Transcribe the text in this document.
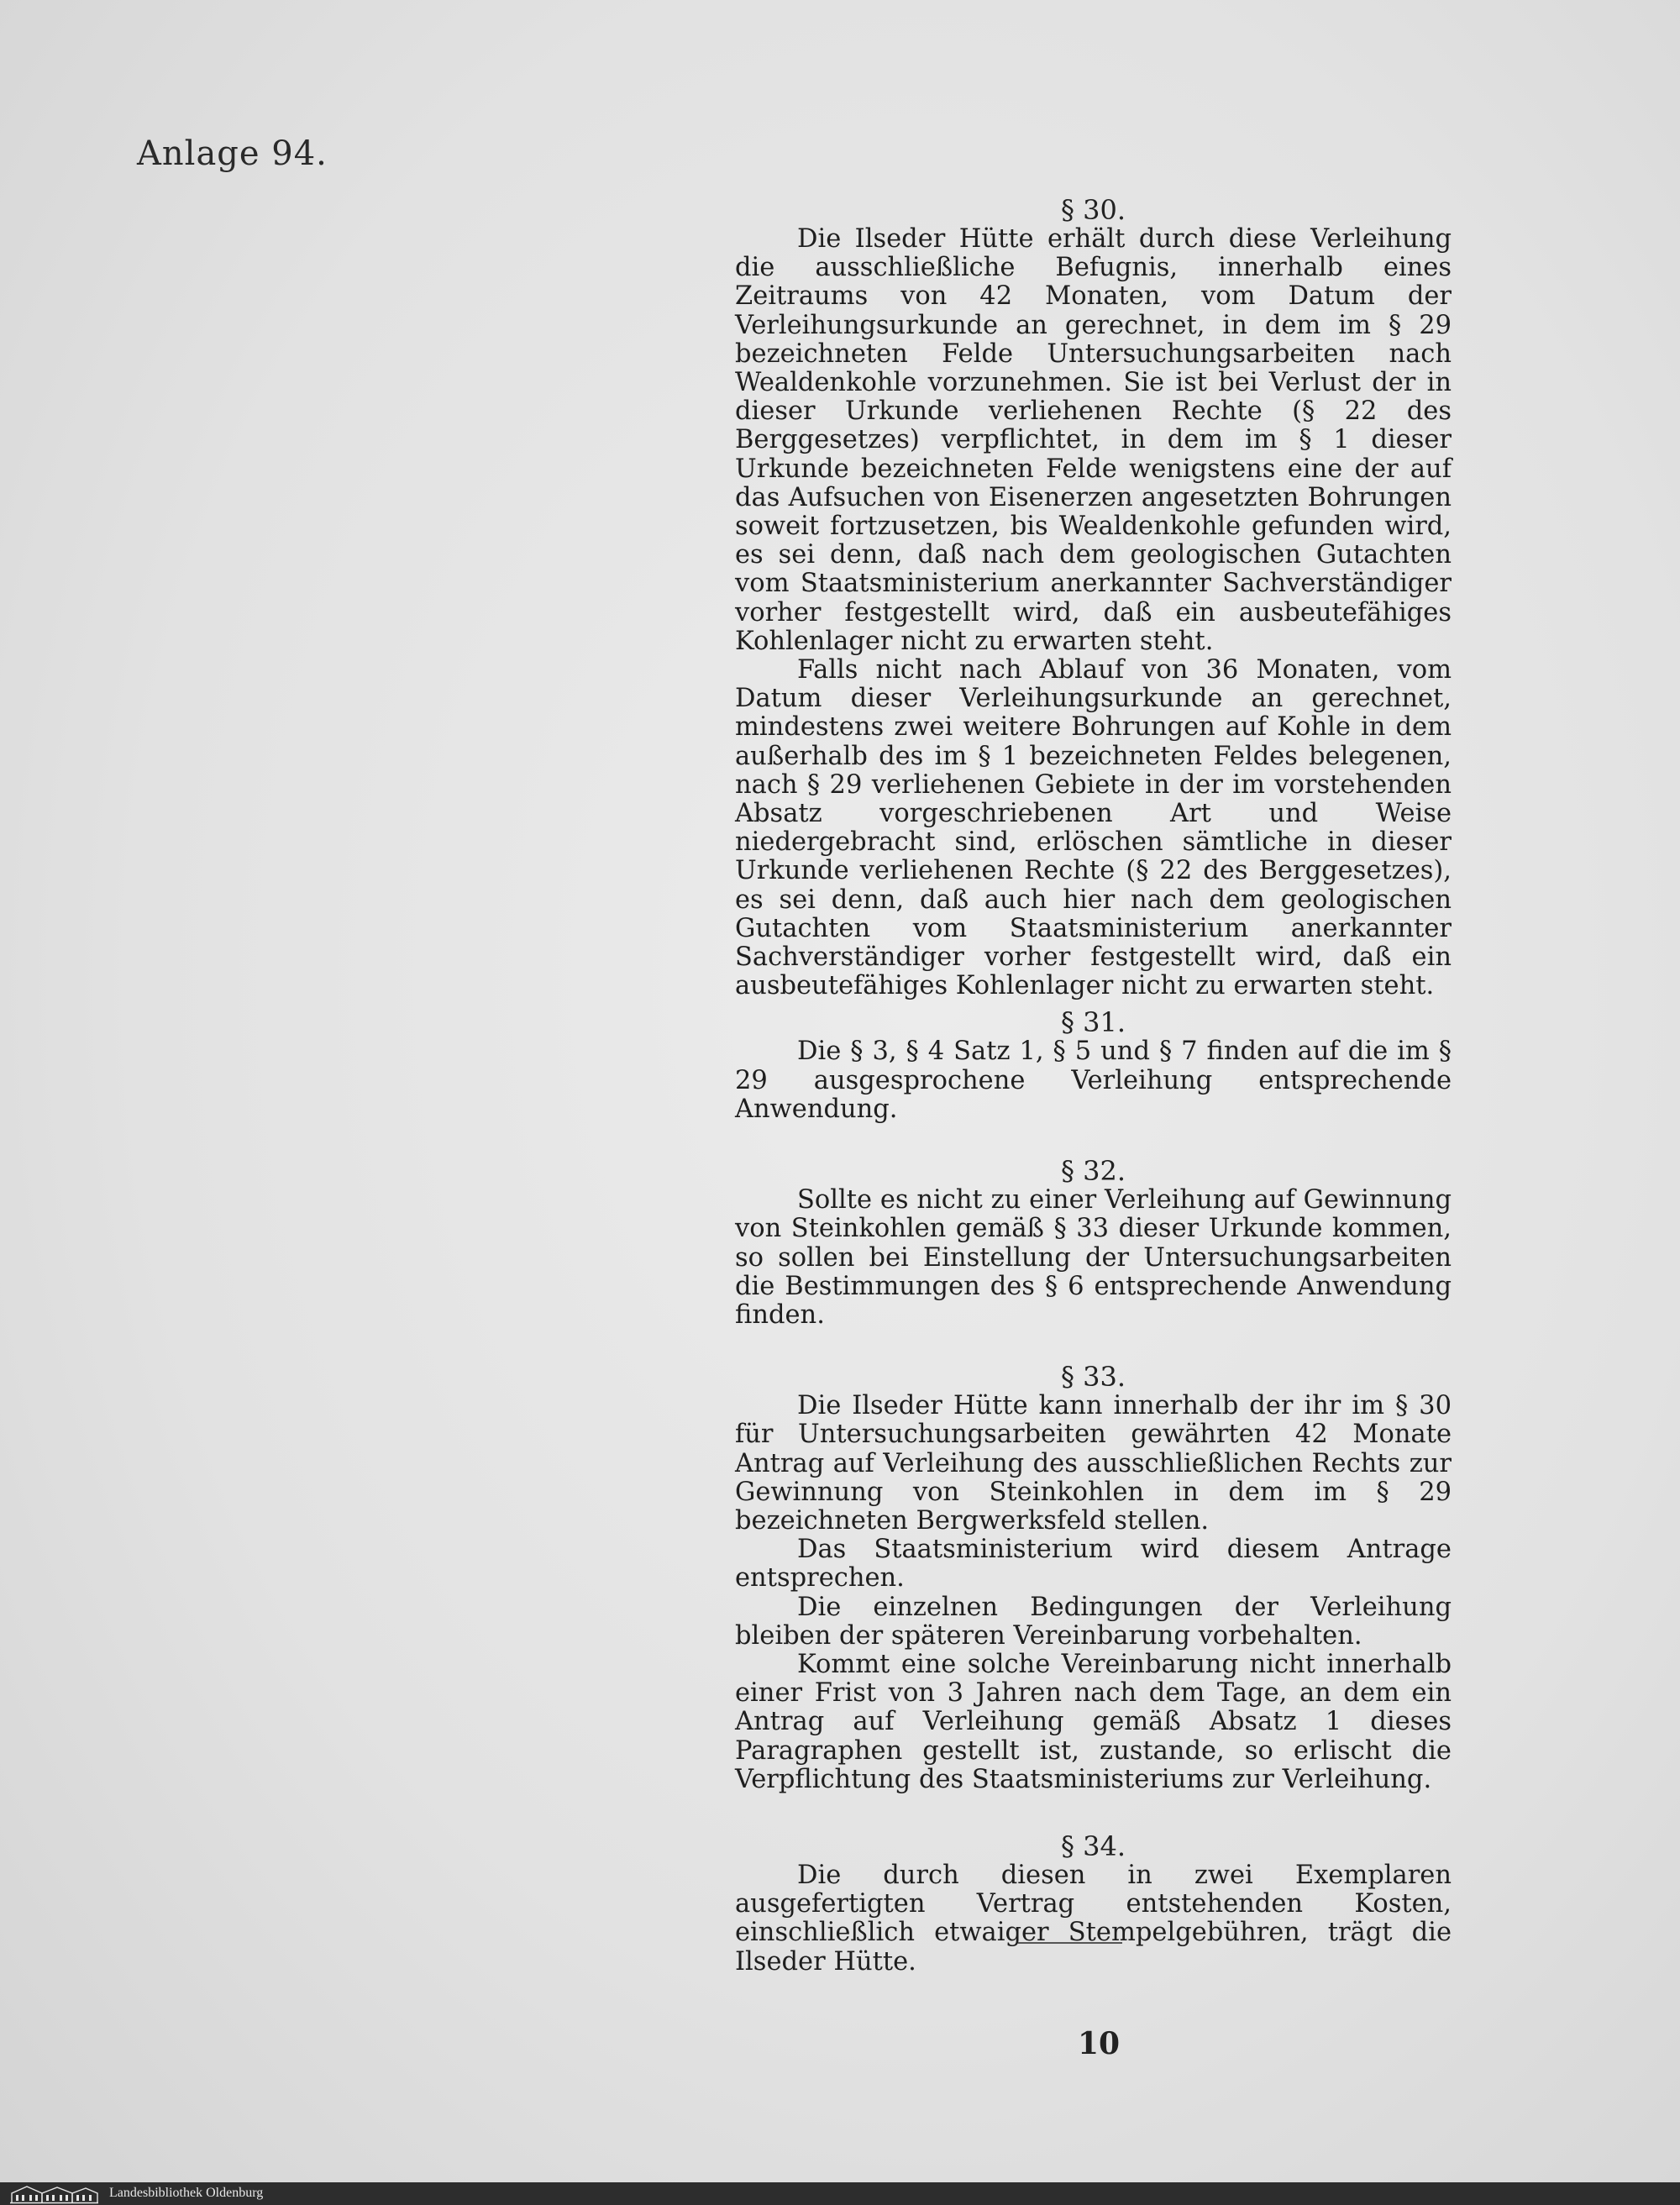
Anlage 94.
§ 30.

Die Ilseder Hütte erhält durch diese Verleihung die ausschließliche Befugnis, innerhalb eines Zeitraums von 42 Monaten, vom Datum der Verleihungsurkunde an gerechnet, in dem im § 29 bezeichneten Felde Untersuchungsarbeiten nach Wealdenkohle vorzunehmen. Sie ist bei Verlust der in dieser Urkunde verliehenen Rechte (§ 22 des Berggesetzes) verpflichtet, in dem im § 1 dieser Urkunde bezeichneten Felde wenigstens eine der auf das Aufsuchen von Eisenerzen angesetzten Bohrungen soweit fortzusetzen, bis Wealdenkohle gefunden wird, es sei denn, daß nach dem geologischen Gutachten vom Staatsministerium anerkannter Sachverständiger vorher festgestellt wird, daß ein ausbeutefähiges Kohlenlager nicht zu erwarten steht.

Falls nicht nach Ablauf von 36 Monaten, vom Datum dieser Verleihungsurkunde an gerechnet, mindestens zwei weitere Bohrungen auf Kohle in dem außerhalb des im § 1 bezeichneten Feldes belegenen, nach § 29 verliehenen Gebiete in der im vorstehenden Absatz vorgeschriebenen Art und Weise niedergebracht sind, erlöschen sämtliche in dieser Urkunde verliehenen Rechte (§ 22 des Berggesetzes), es sei denn, daß auch hier nach dem geologischen Gutachten vom Staatsministerium anerkannter Sachverständiger vorher festgestellt wird, daß ein ausbeutefähiges Kohlenlager nicht zu erwarten steht.

§ 31.

Die § 3, § 4 Satz 1, § 5 und § 7 finden auf die im § 29 ausgesprochene Verleihung entsprechende Anwendung.

§ 32.

Sollte es nicht zu einer Verleihung auf Gewinnung von Steinkohlen gemäß § 33 dieser Urkunde kommen, so sollen bei Einstellung der Untersuchungsarbeiten die Bestimmungen des § 6 entsprechende Anwendung finden.

§ 33.

Die Ilseder Hütte kann innerhalb der ihr im § 30 für Untersuchungsarbeiten gewährten 42 Monate Antrag auf Verleihung des ausschließlichen Rechts zur Gewinnung von Steinkohlen in dem im § 29 bezeichneten Bergwerksfeld stellen.

Das Staatsministerium wird diesem Antrage entsprechen.

Die einzelnen Bedingungen der Verleihung bleiben der späteren Vereinbarung vorbehalten.

Kommt eine solche Vereinbarung nicht innerhalb einer Frist von 3 Jahren nach dem Tage, an dem ein Antrag auf Verleihung gemäß Absatz 1 dieses Paragraphen gestellt ist, zustande, so erlischt die Verpflichtung des Staatsministeriums zur Verleihung.

§ 34.

Die durch diesen in zwei Exemplaren ausgefertigten Vertrag entstehenden Kosten, einschließlich etwaiger Stempelgebühren, trägt die Ilseder Hütte.

10
Landesbibliothek Oldenburg
